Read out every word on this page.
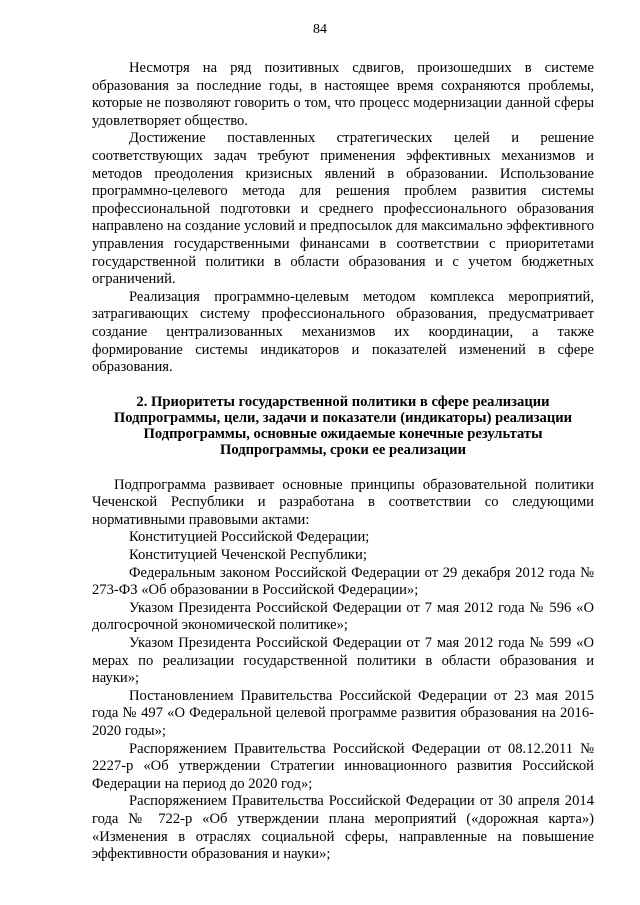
84

Несмотря на ряд позитивных сдвигов, произошедших в системе образования за последние годы, в настоящее время сохраняются проблемы, которые не позволяют говорить о том, что процесс модернизации данной сферы удовлетворяет общество.

Достижение поставленных стратегических целей и решение соответствующих задач требуют применения эффективных механизмов и методов преодоления кризисных явлений в образовании. Использование программно-целевого метода для решения проблем развития системы профессиональной подготовки и среднего профессионального образования направлено на создание условий и предпосылок для максимально эффективного управления государственными финансами в соответствии с приоритетами государственной политики в области образования и с учетом бюджетных ограничений.

Реализация программно-целевым методом комплекса мероприятий, затрагивающих систему профессионального образования, предусматривает создание централизованных механизмов их координации, а также формирование системы индикаторов и показателей изменений в сфере образования.

2. Приоритеты государственной политики в сфере реализации Подпрограммы, цели, задачи и показатели (индикаторы) реализации Подпрограммы, основные ожидаемые конечные результаты Подпрограммы, сроки ее реализации

Подпрограмма развивает основные принципы образовательной политики Чеченской Республики и разработана в соответствии со следующими нормативными правовыми актами:

Конституцией Российской Федерации;

Конституцией Чеченской Республики;

Федеральным законом Российской Федерации от 29 декабря 2012 года № 273-ФЗ «Об образовании в Российской Федерации»;

Указом Президента Российской Федерации от 7 мая 2012 года № 596 «О долгосрочной экономической политике»;

Указом Президента Российской Федерации от 7 мая 2012 года № 599 «О мерах по реализации государственной политики в области образования и науки»;

Постановлением Правительства Российской Федерации от 23 мая 2015 года № 497 «О Федеральной целевой программе развития образования на 2016-2020 годы»;

Распоряжением Правительства Российской Федерации от 08.12.2011 № 2227-р «Об утверждении Стратегии инновационного развития Российской Федерации на период до 2020 год»;

Распоряжением Правительства Российской Федерации от 30 апреля 2014 года № 722-р «Об утверждении плана мероприятий («дорожная карта») «Изменения в отраслях социальной сферы, направленные на повышение эффективности образования и науки»;
